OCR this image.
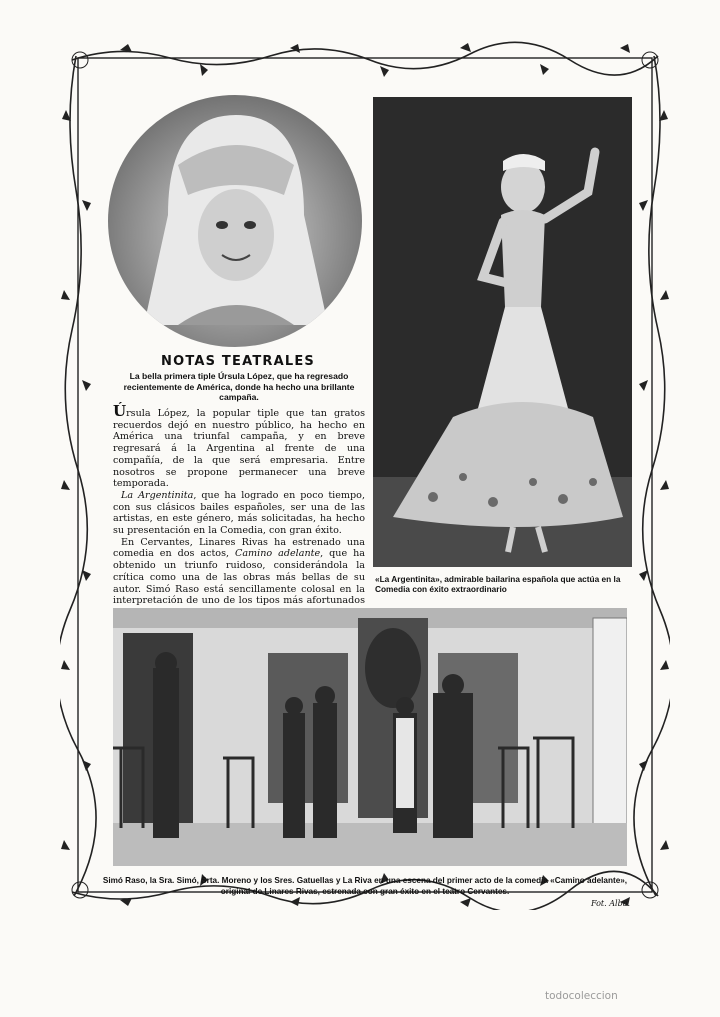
NOTAS TEATRALES
La bella primera tiple Úrsula López, que ha regresado recientemente de América, donde ha hecho una brillante campaña.

Úrsula López, la popular tiple que tan gratos recuerdos dejó en nuestro público, ha hecho en América una triunfal campaña, y en breve regresará á la Argentina al frente de una compañía, de la que será empresaria. Entre nosotros se propone permanecer una breve temporada.

La Argentinita, que ha logrado en poco tiempo, con sus clásicos bailes españoles, ser una de las artistas, en este género, más solicitadas, ha hecho su presentación en la Comedia, con gran éxito.

En Cervantes, Linares Rivas ha estrenado una comedia en dos actos, Camino adelante, que ha obtenido un triunfo ruidoso, considerándola la crítica como una de las obras más bellas de su autor. Simó Raso está sencillamente colosal en la interpretación de uno de los tipos más afortunados

«La Argentinita», admirable bailarina española que actúa en la Comedia con éxito extraordinario
Simó Raso, la Sra. Simó, Srta. Moreno y los Sres. Gatuellas y La Riva en una escena del primer acto de la comedia «Camino adelante», original de Linares Rivas, estrenada con gran éxito en el teatro Cervantes.
Fot. Alba.
todocoleccion
